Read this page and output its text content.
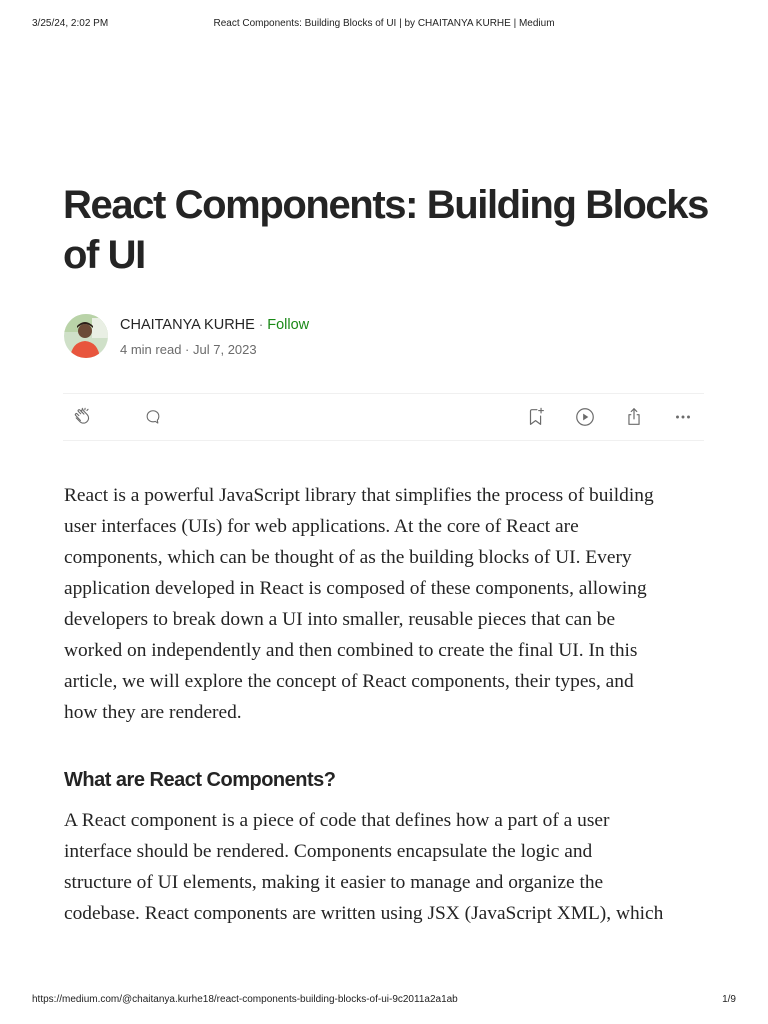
3/25/24, 2:02 PM	React Components: Building Blocks of UI | by CHAITANYA KURHE | Medium
React Components: Building Blocks
of UI
CHAITANYA KURHE · Follow
4 min read · Jul 7, 2023

React is a powerful JavaScript library that simplifies the process of building
user interfaces (UIs) for web applications. At the core of React are
components, which can be thought of as the building blocks of UI. Every
application developed in React is composed of these components, allowing
developers to break down a UI into smaller, reusable pieces that can be
worked on independently and then combined to create the final UI. In this
article, we will explore the concept of React components, their types, and
how they are rendered.

What are React Components?

A React component is a piece of code that defines how a part of a user
interface should be rendered. Components encapsulate the logic and
structure of UI elements, making it easier to manage and organize the
codebase. React components are written using JSX (JavaScript XML), which

https://medium.com/@chaitanya.kurhe18/react-components-building-blocks-of-ui-9c2011a2a1ab	1/9
